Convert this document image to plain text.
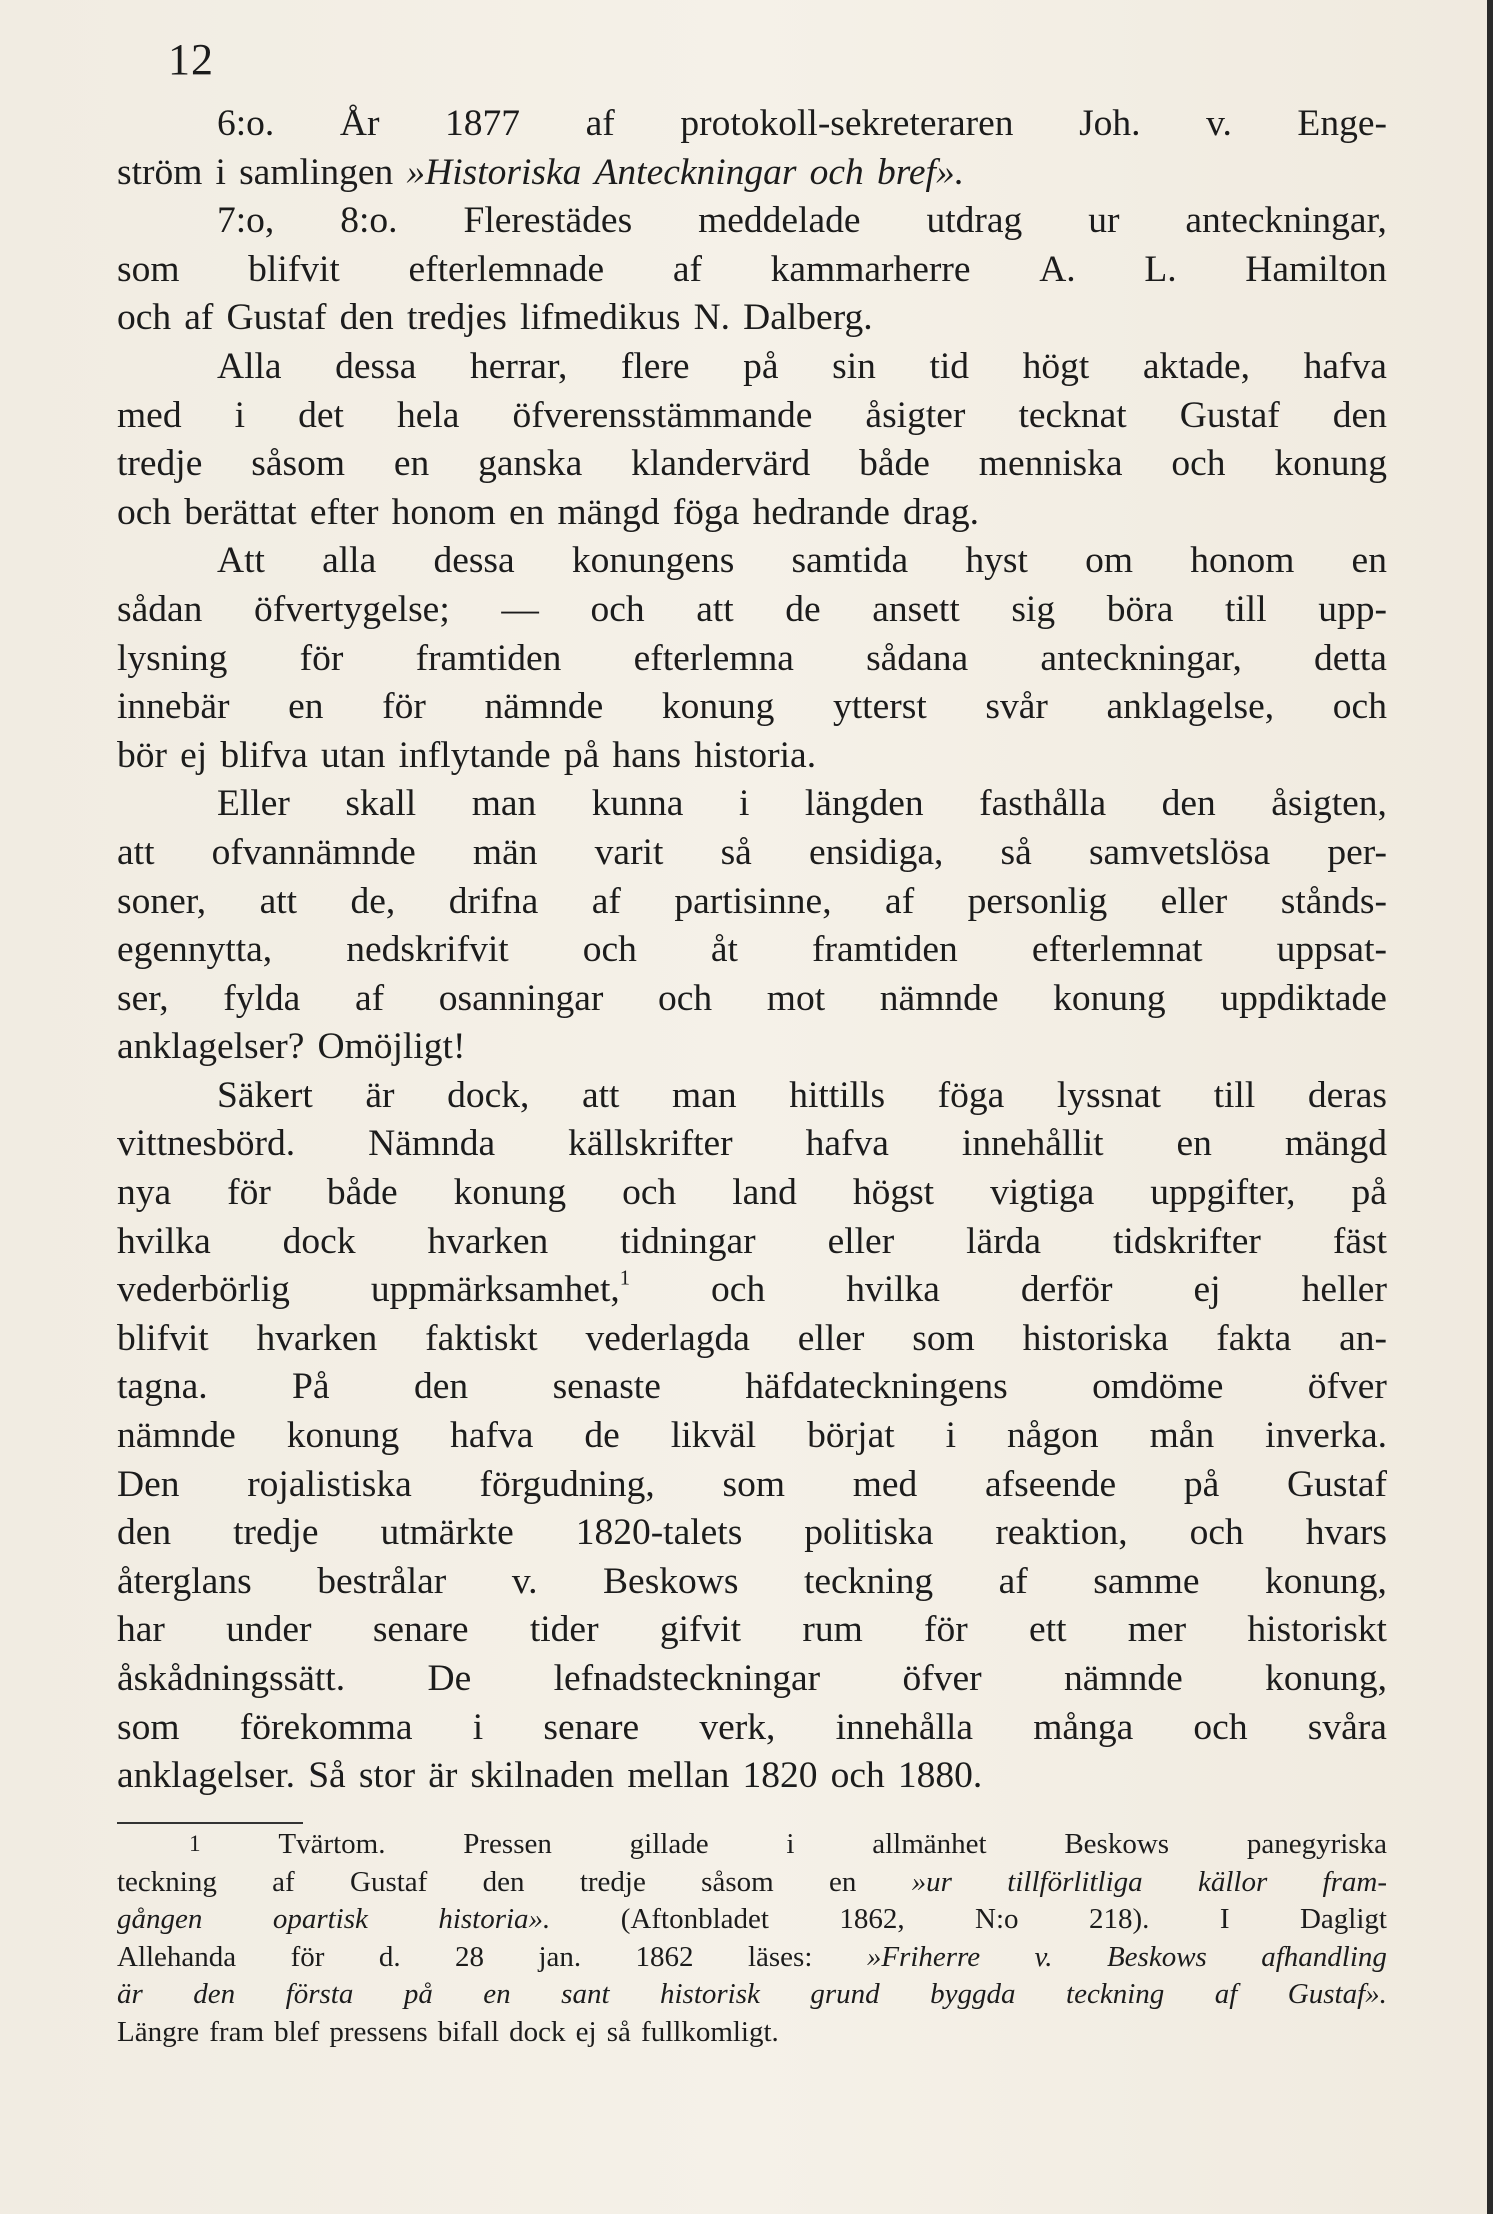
12
6:o. År 1877 af protokoll-sekreteraren Joh. v. Enge-
ström i samlingen »Historiska Anteckningar och bref».
7:o, 8:o. Flerestädes meddelade utdrag ur anteckningar,
som blifvit efterlemnade af kammarherre A. L. Hamilton
och af Gustaf den tredjes lifmedikus N. Dalberg.
Alla dessa herrar, flere på sin tid högt aktade, hafva
med i det hela öfverensstämmande åsigter tecknat Gustaf den
tredje såsom en ganska klandervärd både menniska och konung
och berättat efter honom en mängd föga hedrande drag.
Att alla dessa konungens samtida hyst om honom en
sådan öfvertygelse; — och att de ansett sig böra till upp-
lysning för framtiden efterlemna sådana anteckningar, detta
innebär en för nämnde konung ytterst svår anklagelse, och
bör ej blifva utan inflytande på hans historia.
Eller skall man kunna i längden fasthålla den åsigten,
att ofvannämnde män varit så ensidiga, så samvetslösa per-
soner, att de, drifna af partisinne, af personlig eller stånds-
egennytta, nedskrifvit och åt framtiden efterlemnat uppsat-
ser, fylda af osanningar och mot nämnde konung uppdiktade
anklagelser? Omöjligt!
Säkert är dock, att man hittills föga lyssnat till deras
vittnesbörd. Nämnda källskrifter hafva innehållit en mängd
nya för både konung och land högst vigtiga uppgifter, på
hvilka dock hvarken tidningar eller lärda tidskrifter fäst
vederbörlig uppmärksamhet,$^1$ och hvilka derför ej heller
blifvit hvarken faktiskt vederlagda eller som historiska fakta an-
tagna. På den senaste häfdateckningens omdöme öfver
nämnde konung hafva de likväl börjat i någon mån inverka.
Den rojalistiska förgudning, som med afseende på Gustaf
den tredje utmärkte 1820-talets politiska reaktion, och hvars
återglans bestrålar v. Beskows teckning af samme konung,
har under senare tider gifvit rum för ett mer historiskt
åskådningssätt. De lefnadsteckningar öfver nämnde konung,
som förekomma i senare verk, innehålla många och svåra
anklagelser. Så stor är skilnaden mellan 1820 och 1880.
1	Tvärtom.	Pressen	gillade	i	allmänhet	Beskows	panegyriska
teckning af Gustaf den tredje såsom en »ur tillförlitliga källor fram-
gången opartisk historia». (Aftonbladet 1862, N:o 218). I Dagligt
Allehanda för d. 28 jan. 1862 läses: »Friherre v. Beskows afhandling
är den första på en sant historisk grund byggda teckning af Gustaf».
Längre fram blef pressens bifall dock ej så fullkomligt.
